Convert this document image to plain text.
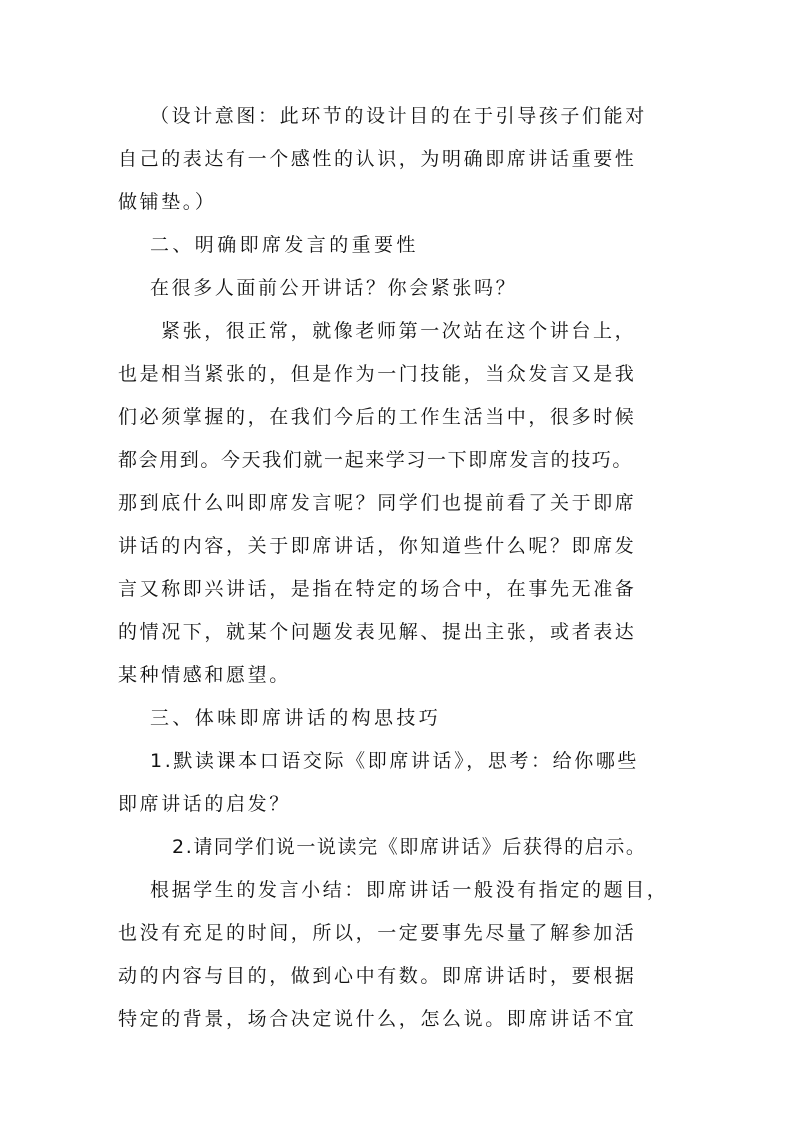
（设计意图：此环节的设计目的在于引导孩子们能对
自己的表达有一个感性的认识，为明确即席讲话重要性
做铺垫。）
二、明确即席发言的重要性
在很多人面前公开讲话？你会紧张吗？
紧张，很正常，就像老师第一次站在这个讲台上，
也是相当紧张的，但是作为一门技能，当众发言又是我
们必须掌握的，在我们今后的工作生活当中，很多时候
都会用到。今天我们就一起来学习一下即席发言的技巧。
那到底什么叫即席发言呢？同学们也提前看了关于即席
讲话的内容，关于即席讲话，你知道些什么呢？即席发
言又称即兴讲话，是指在特定的场合中，在事先无准备
的情况下，就某个问题发表见解、提出主张，或者表达
某种情感和愿望。
三、体味即席讲话的构思技巧
1.默读课本口语交际《即席讲话》，思考：给你哪些
即席讲话的启发？
2.请同学们说一说读完《即席讲话》后获得的启示。
根据学生的发言小结：即席讲话一般没有指定的题目，
也没有充足的时间，所以，一定要事先尽量了解参加活
动的内容与目的，做到心中有数。即席讲话时，要根据
特定的背景，场合决定说什么，怎么说。即席讲话不宜
